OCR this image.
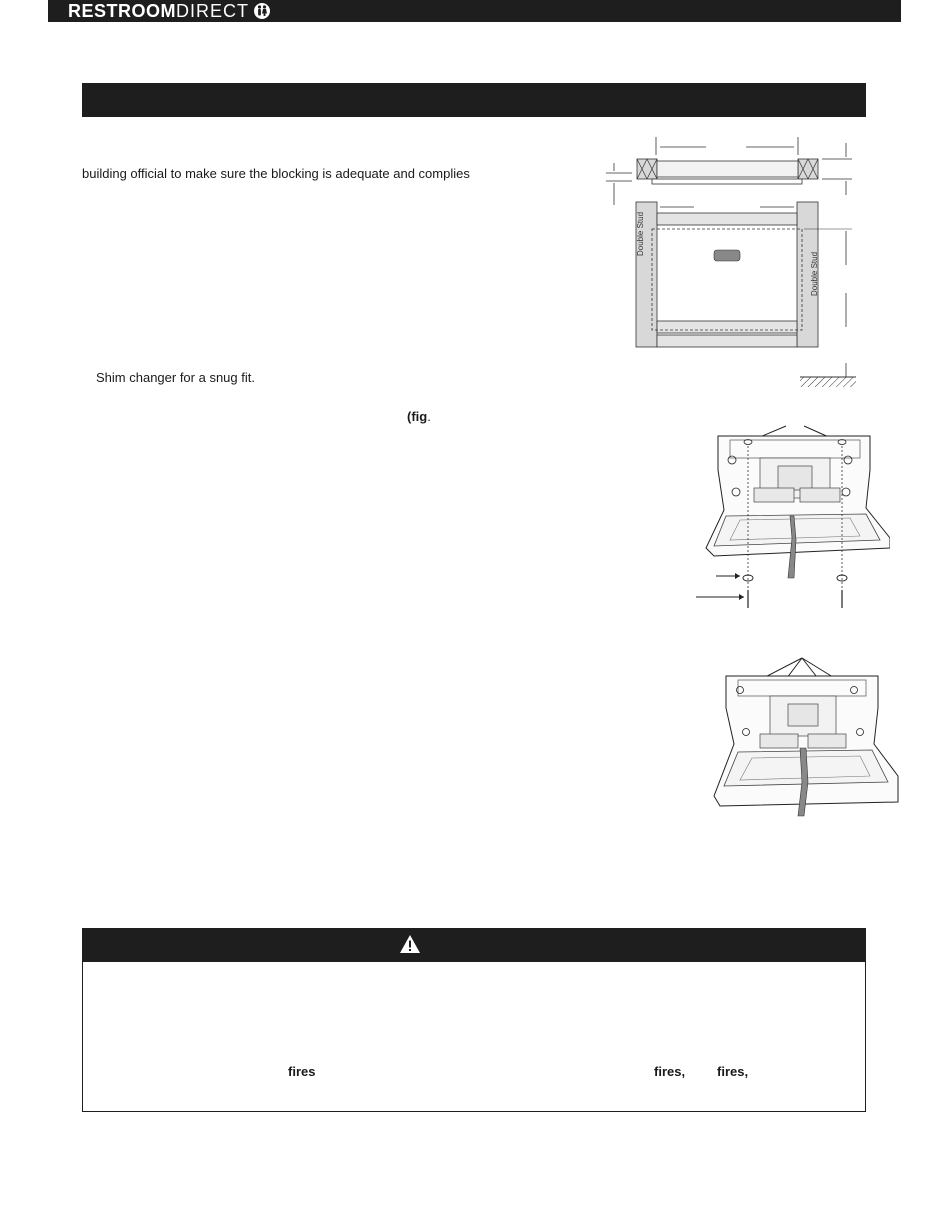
RESTROOMDIRECT
building official to make sure the blocking is adequate and complies
Double Stud
Double Stud
Shim changer for a snug fit.
(fig.
fires	fires, fires,
